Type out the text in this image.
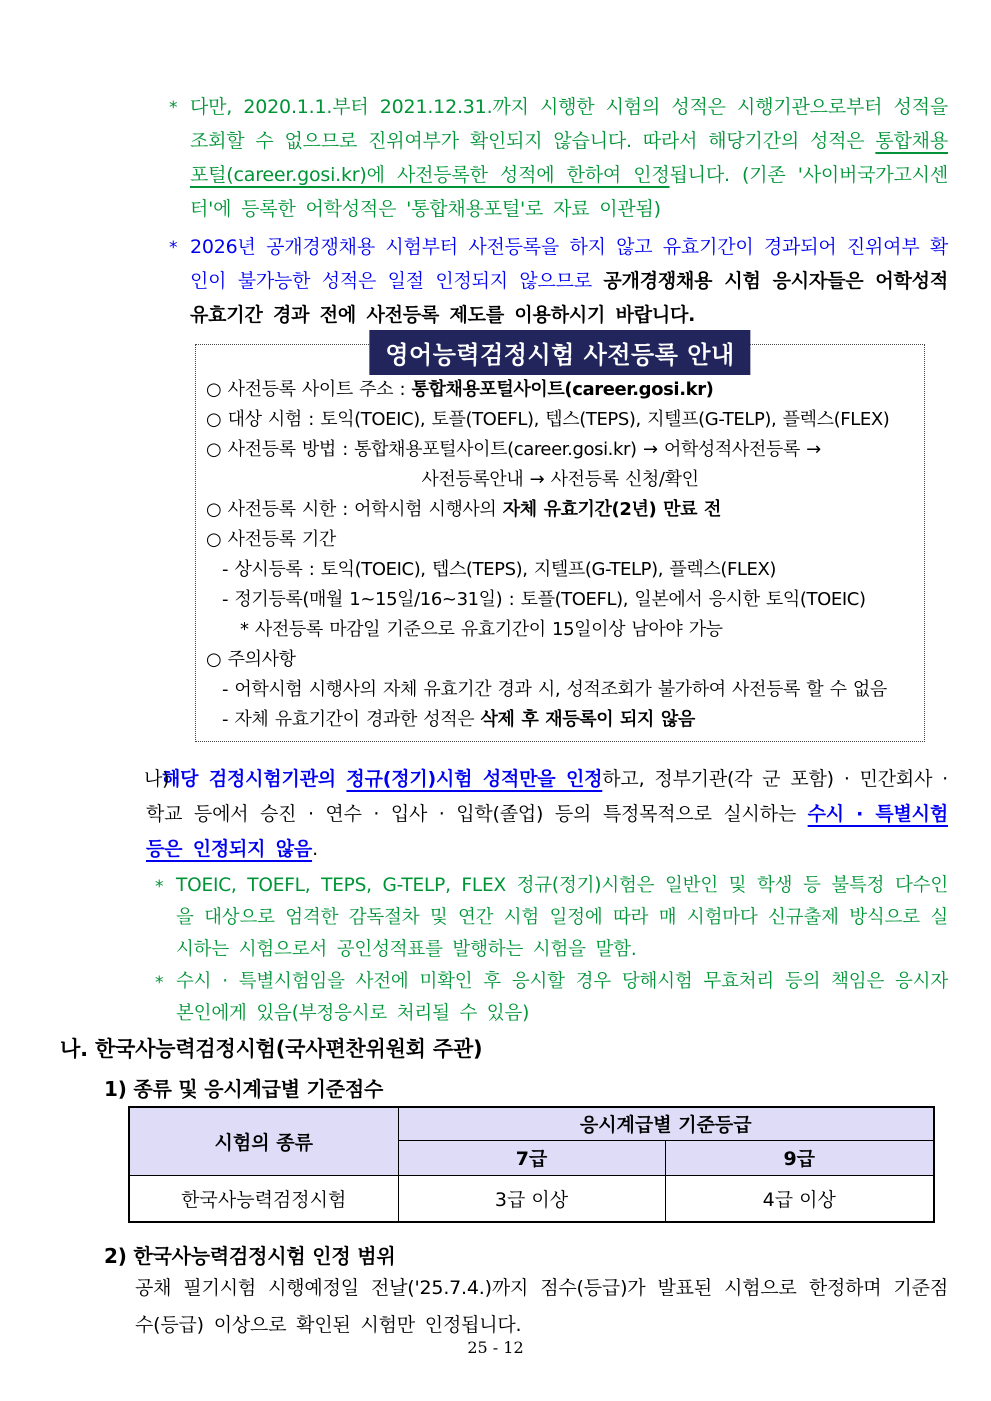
* 다만, 2020.1.1.부터 2021.12.31.까지 시행한 시험의 성적은 시행기관으로부터 성적을 조회할 수 없으므로 진위여부가 확인되지 않습니다. 따라서 해당기간의 성적은 통합채용포털(career.gosi.kr)에 사전등록한 성적에 한하여 인정됩니다. (기존 '사이버국가고시센터'에 등록한 어학성적은 '통합채용포털'로 자료 이관됨)
* 2026년 공개경쟁채용 시험부터 사전등록을 하지 않고 유효기간이 경과되어 진위여부 확인이 불가능한 성적은 일절 인정되지 않으므로 공개경쟁채용 시험 응시자들은 어학성적 유효기간 경과 전에 사전등록 제도를 이용하시기 바랍니다.
영어능력검정시험 사전등록 안내
○ 사전등록 사이트 주소 : 통합채용포털사이트(career.gosi.kr)
○ 대상 시험 : 토익(TOEIC), 토플(TOEFL), 텝스(TEPS), 지텔프(G-TELP), 플렉스(FLEX)
○ 사전등록 방법 : 통합채용포털사이트(career.gosi.kr) → 어학성적사전등록 →
사전등록안내 → 사전등록 신청/확인
○ 사전등록 시한 : 어학시험 시행사의 자체 유효기간(2년) 만료 전
○ 사전등록 기간
- 상시등록 : 토익(TOEIC), 텝스(TEPS), 지텔프(G-TELP), 플렉스(FLEX)
- 정기등록(매월 1~15일/16~31일) : 토플(TOEFL), 일본에서 응시한 토익(TOEIC)
* 사전등록 마감일 기준으로 유효기간이 15일이상 남아야 가능
○ 주의사항
- 어학시험 시행사의 자체 유효기간 경과 시, 성적조회가 불가하여 사전등록 할 수 없음
- 자체 유효기간이 경과한 성적은 삭제 후 재등록이 되지 않음
나)
해당 검정시험기관의 정규(정기)시험 성적만을 인정하고, 정부기관(각 군 포함) · 민간회사 · 학교 등에서 승진 · 연수 · 입사 · 입학(졸업) 등의 특정목적으로 실시하는 수시 · 특별시험 등은 인정되지 않음.
* TOEIC, TOEFL, TEPS, G-TELP, FLEX 정규(정기)시험은 일반인 및 학생 등 불특정 다수인을 대상으로 엄격한 감독절차 및 연간 시험 일정에 따라 매 시험마다 신규출제 방식으로 실시하는 시험으로서 공인성적표를 발행하는 시험을 말함.
* 수시 · 특별시험임을 사전에 미확인 후 응시할 경우 당해시험 무효처리 등의 책임은 응시자 본인에게 있음(부정응시로 처리될 수 있음)
나. 한국사능력검정시험(국사편찬위원회 주관)
1) 종류 및 응시계급별 기준점수
시험의 종류	응시계급별 기준등급	
	7급	9급
한국사능력검정시험	3급 이상	4급 이상
2) 한국사능력검정시험 인정 범위
공채 필기시험 시행예정일 전날('25.7.4.)까지 점수(등급)가 발표된 시험으로 한정하며 기준점수(등급) 이상으로 확인된 시험만 인정됩니다.
25 - 12
